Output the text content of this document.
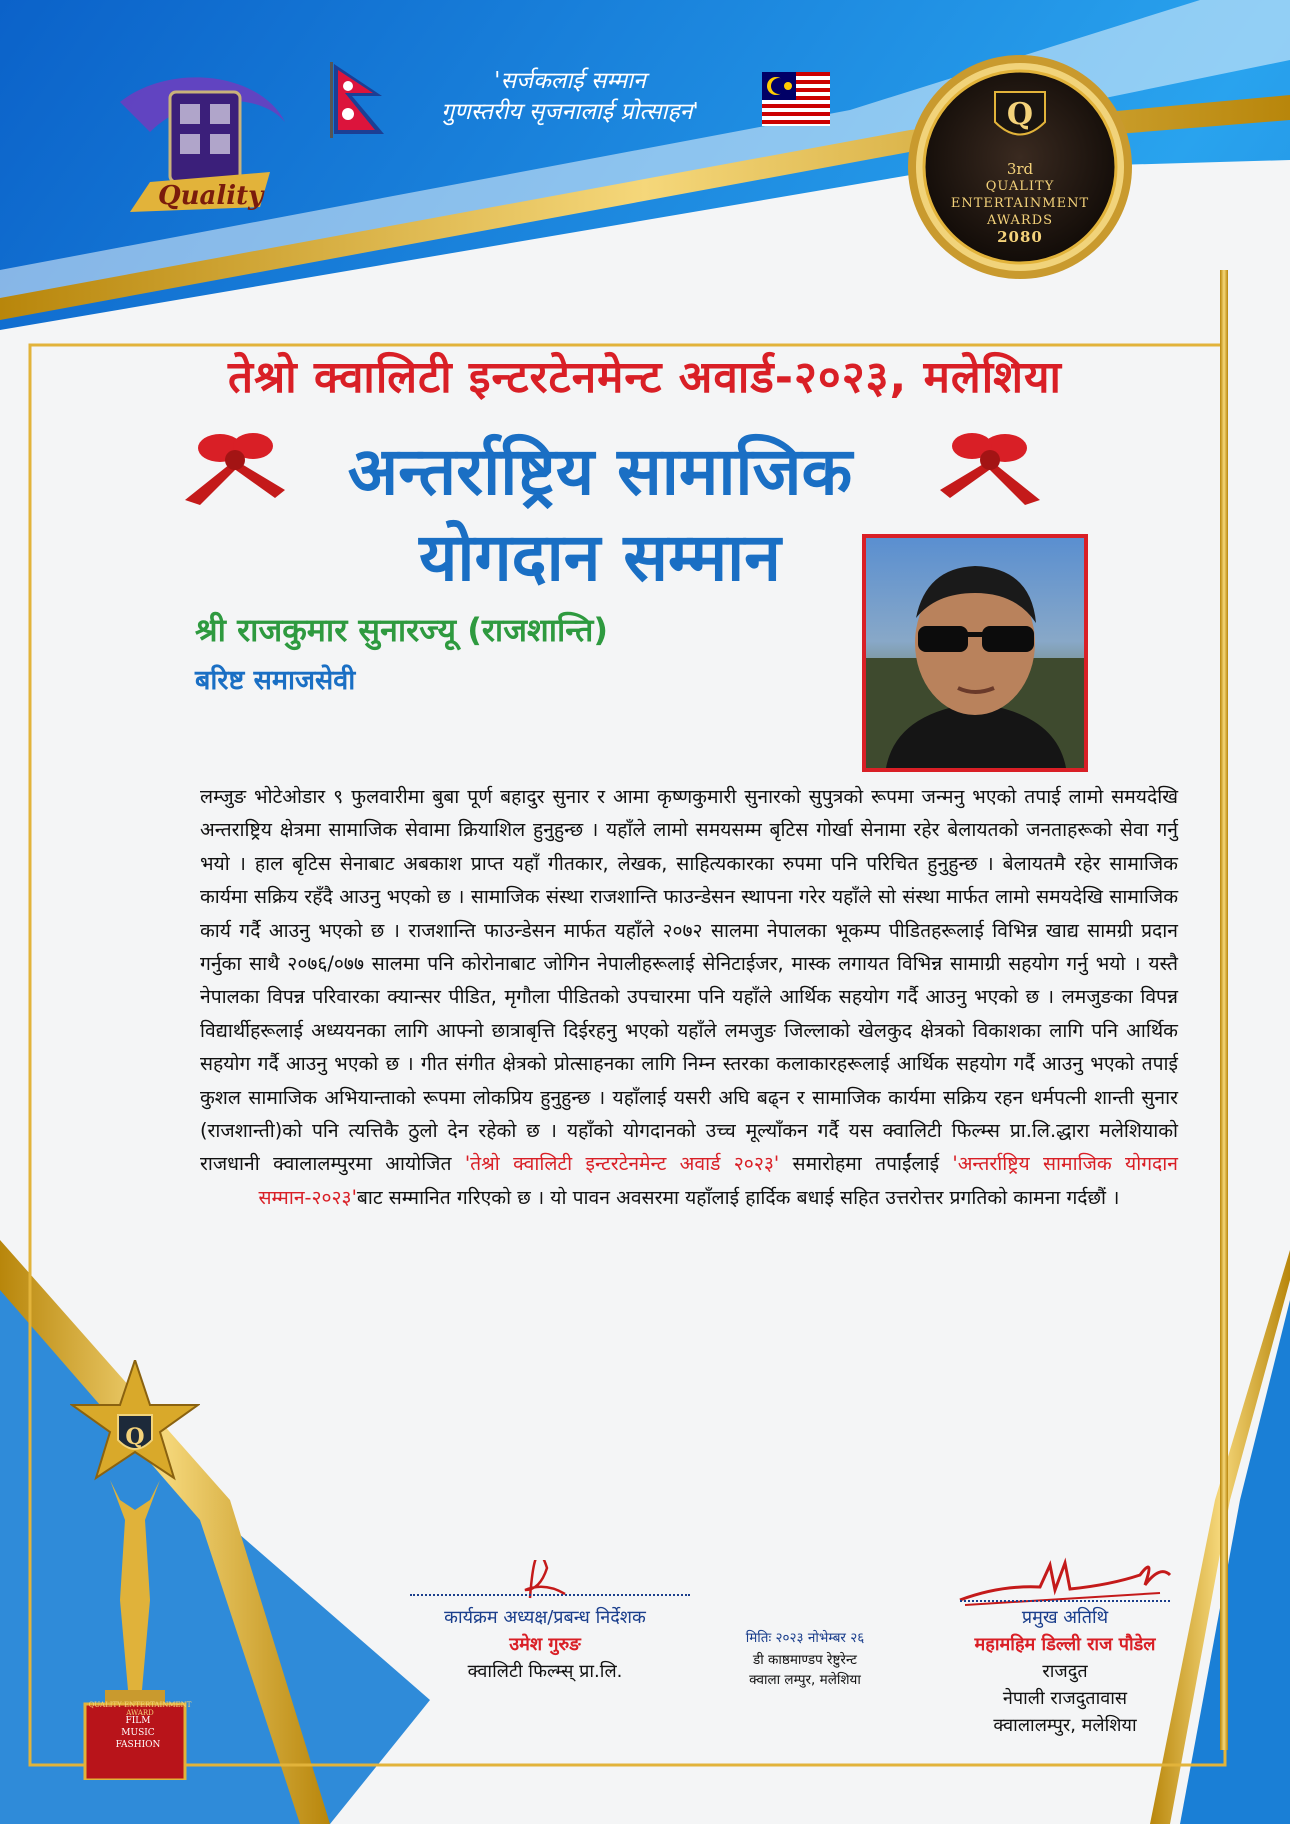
Quality
'सर्जकलाई सम्मान
गुणस्तरीय सृजनालाई प्रोत्साहन'	Q
3rd
QUALITY
ENTERTAINMENT
AWARDS
2080
तेश्रो क्वालिटी इन्टरटेनमेन्ट अवार्ड-२०२३, मलेशिया
अन्तर्राष्ट्रिय सामाजिक
योगदान सम्मान
श्री राजकुमार सुनारज्यू (राजशान्ति)
बरिष्ट समाजसेवी
लम्जुङ भोटेओडार ९ फुलवारीमा बुबा पूर्ण बहादुर सुनार र आमा कृष्णकुमारी सुनारको सुपुत्रको रूपमा जन्मनु भएको तपाई लामो समयदेखि अन्तराष्ट्रिय क्षेत्रमा सामाजिक सेवामा क्रियाशिल हुनुहुन्छ । यहाँले लामो समयसम्म बृटिस गोर्खा सेनामा रहेर बेलायतको जनताहरूको सेवा गर्नु भयो । हाल बृटिस सेनाबाट अबकाश प्राप्त यहाँ गीतकार, लेखक, साहित्यकारका रुपमा पनि परिचित हुनुहुन्छ । बेलायतमै रहेर सामाजिक कार्यमा सक्रिय रहँदै आउनु भएको छ । सामाजिक संस्था राजशान्ति फाउन्डेसन स्थापना गरेर यहाँले सो संस्था मार्फत लामो समयदेखि सामाजिक कार्य गर्दै आउनु भएको छ । राजशान्ति फाउन्डेसन मार्फत यहाँले २०७२ सालमा नेपालका भूकम्प पीडितहरूलाई विभिन्न खाद्य सामग्री प्रदान गर्नुका साथै २०७६/०७७ सालमा पनि कोरोनाबाट जोगिन नेपालीहरूलाई सेनिटाईजर, मास्क लगायत विभिन्न सामाग्री सहयोग गर्नु भयो । यस्तै नेपालका विपन्न परिवारका क्यान्सर पीडित, मृगौला पीडितको उपचारमा पनि यहाँले आर्थिक सहयोग गर्दै आउनु भएको छ । लमजुङका विपन्न विद्यार्थीहरूलाई अध्ययनका लागि आफ्नो छात्राबृत्ति दिईरहनु भएको यहाँले लमजुङ जिल्लाको खेलकुद क्षेत्रको विकाशका लागि पनि आर्थिक सहयोग गर्दै आउनु भएको छ । गीत संगीत क्षेत्रको प्रोत्साहनका लागि निम्न स्तरका कलाकारहरूलाई आर्थिक सहयोग गर्दै आउनु भएको तपाई कुशल सामाजिक अभियान्ताको रूपमा लोकप्रिय हुनुहुन्छ । यहाँलाई यसरी अघि बढ्न र सामाजिक कार्यमा सक्रिय रहन धर्मपत्नी शान्ती सुनार (राजशान्ती)को पनि त्यत्तिकै ठुलो देन रहेको छ । यहाँको योगदानको उच्च मूल्याँकन गर्दै यस क्वालिटी फिल्म्स प्रा.लि.द्धारा मलेशियाको राजधानी क्वालालम्पुरमा आयोजित 'तेश्रो क्वालिटी इन्टरटेनमेन्ट अवार्ड २०२३' समारोहमा तपाईंलाई 'अन्तर्राष्ट्रिय सामाजिक योगदान सम्मान-२०२३'बाट सम्मानित गरिएको छ । यो पावन अवसरमा यहाँलाई हार्दिक बधाई सहित उत्तरोत्तर प्रगतिको कामना गर्दछौं ।
कार्यक्रम अध्यक्ष/प्रबन्ध निर्देशक
उमेश गुरुङ
क्वालिटी फिल्म्स् प्रा.लि.
मितिः २०२३ नोभेम्बर २६
डी काष्ठमाण्डप रेष्टुरेन्ट
क्वाला लम्पुर, मलेशिया
प्रमुख अतिथि
महामहिम डिल्ली राज पौडेल
राजदुत
नेपाली राजदुतावास
क्वालालम्पुर, मलेशिया
Q
QUALITY ENTERTAINMENT AWARD
FILM
MUSIC
FASHION
